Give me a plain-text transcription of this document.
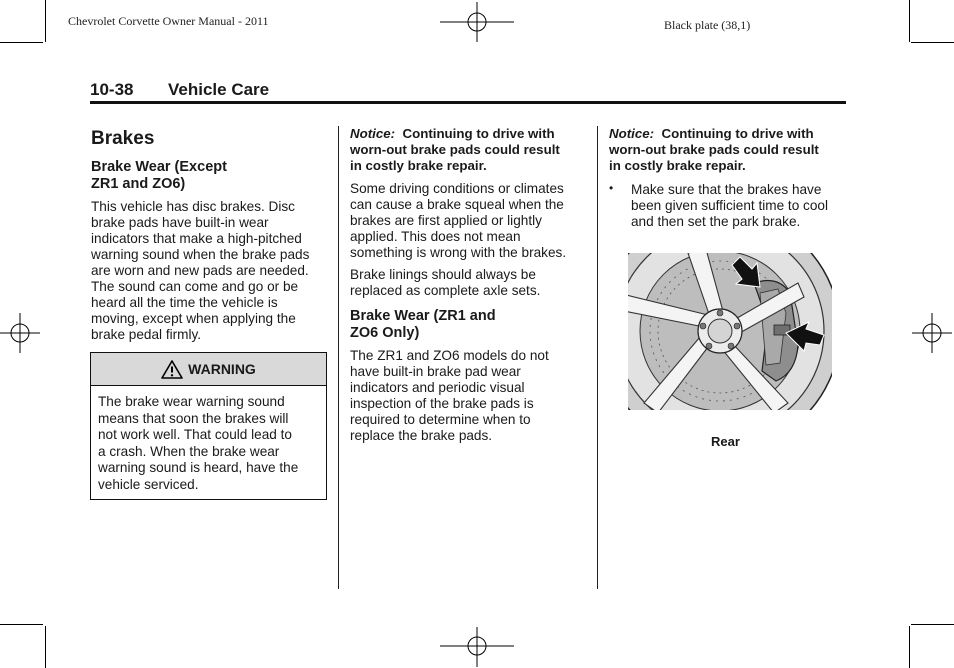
Chevrolet Corvette Owner Manual - 2011	Black plate (38,1)
10-38 Vehicle Care
Brakes
Brake Wear (Except
ZR1 and ZO6)

This vehicle has disc brakes. Disc
brake pads have built-in wear
indicators that make a high-pitched
warning sound when the brake pads
are worn and new pads are needed.
The sound can come and go or be
heard all the time the vehicle is
moving, except when applying the
brake pedal firmly.

WARNING
The brake wear warning sound
means that soon the brakes will
not work well. That could lead to
a crash. When the brake wear
warning sound is heard, have the
vehicle serviced.

Notice: Continuing to drive with
worn-out brake pads could result
in costly brake repair.

Some driving conditions or climates
can cause a brake squeal when the
brakes are first applied or lightly
applied. This does not mean
something is wrong with the brakes.

Brake linings should always be
replaced as complete axle sets.

Brake Wear (ZR1 and
ZO6 Only)

The ZR1 and ZO6 models do not
have built-in brake pad wear
indicators and periodic visual
inspection of the brake pads is
required to determine when to
replace the brake pads.

Notice: Continuing to drive with
worn-out brake pads could result
in costly brake repair.

• Make sure that the brakes have
been given sufficient time to cool
and then set the park brake.
Rear
